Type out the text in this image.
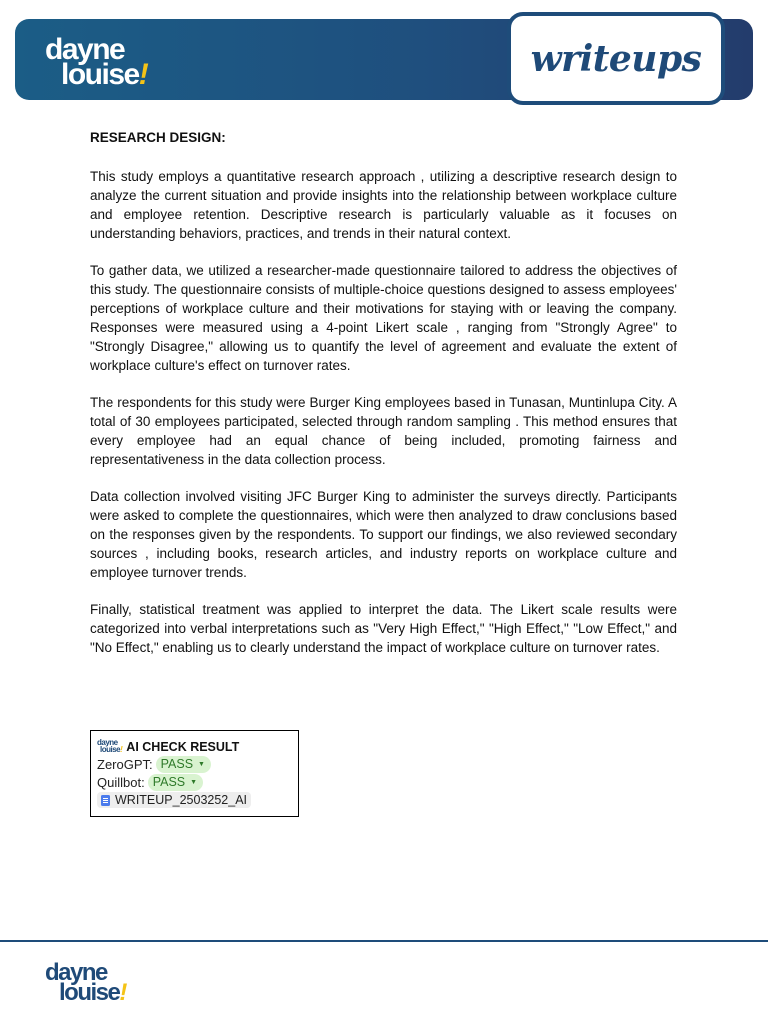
dayne
louise!	writeups
RESEARCH DESIGN:

This study employs a quantitative research approach , utilizing a descriptive research design to analyze the current situation and provide insights into the relationship between workplace culture and employee retention. Descriptive research is particularly valuable as it focuses on understanding behaviors, practices, and trends in their natural context.

To gather data, we utilized a researcher-made questionnaire tailored to address the objectives of this study. The questionnaire consists of multiple-choice questions designed to assess employees' perceptions of workplace culture and their motivations for staying with or leaving the company. Responses were measured using a 4-point Likert scale , ranging from "Strongly Agree" to "Strongly Disagree," allowing us to quantify the level of agreement and evaluate the extent of workplace culture's effect on turnover rates.

The respondents for this study were Burger King employees based in Tunasan, Muntinlupa City. A total of 30 employees participated, selected through random sampling . This method ensures that every employee had an equal chance of being included, promoting fairness and representativeness in the data collection process.

Data collection involved visiting JFC Burger King to administer the surveys directly. Participants were asked to complete the questionnaires, which were then analyzed to draw conclusions based on the responses given by the respondents. To support our findings, we also reviewed secondary sources , including books, research articles, and industry reports on workplace culture and employee turnover trends.

Finally, statistical treatment was applied to interpret the data. The Likert scale results were categorized into verbal interpretations such as "Very High Effect," "High Effect," "Low Effect," and "No Effect," enabling us to clearly understand the impact of workplace culture on turnover rates.

dayne
louise! AI CHECK RESULT
ZeroGPT: PASS ▼
Quillbot: PASS ▼
WRITEUP_2503252_AI
dayne
louise!
